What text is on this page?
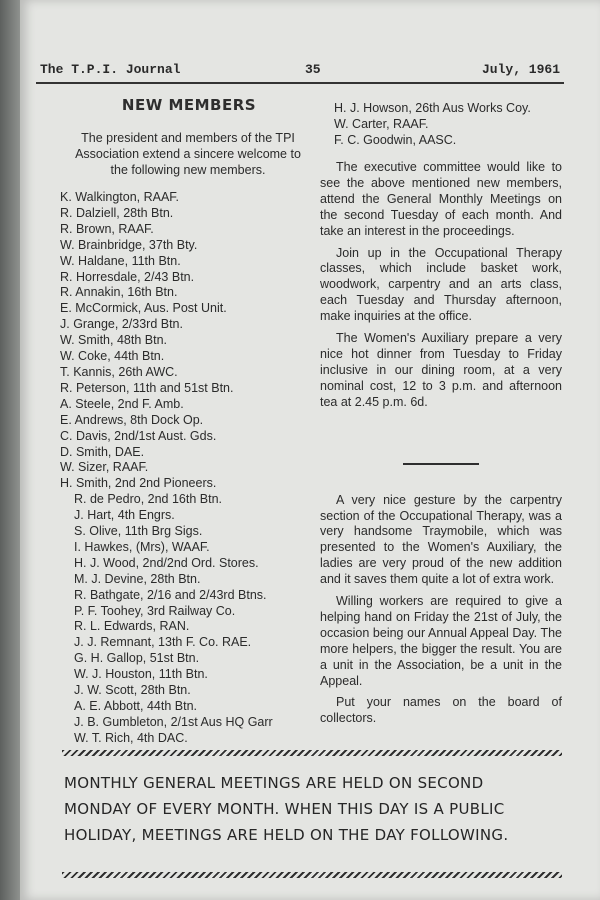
The T.P.I. Journal	35	July, 1961
NEW MEMBERS

The president and members of the TPI Association extend a sincere welcome to the following new members.

K. Walkington, RAAF.
R. Dalziell, 28th Btn.
R. Brown, RAAF.
W. Brainbridge, 37th Bty.
W. Haldane, 11th Btn.
R. Horresdale, 2/43 Btn.
R. Annakin, 16th Btn.
E. McCormick, Aus. Post Unit.
J. Grange, 2/33rd Btn.
W. Smith, 48th Btn.
W. Coke, 44th Btn.
T. Kannis, 26th AWC.
R. Peterson, 11th and 51st Btn.
A. Steele, 2nd F. Amb.
E. Andrews, 8th Dock Op.
C. Davis, 2nd/1st Aust. Gds.
D. Smith, DAE.
W. Sizer, RAAF.
H. Smith, 2nd 2nd Pioneers.
R. de Pedro, 2nd 16th Btn.
J. Hart, 4th Engrs.
S. Olive, 11th Brg Sigs.
I. Hawkes, (Mrs), WAAF.
H. J. Wood, 2nd/2nd Ord. Stores.
M. J. Devine, 28th Btn.
R. Bathgate, 2/16 and 2/43rd Btns.
P. F. Toohey, 3rd Railway Co.
R. L. Edwards, RAN.
J. J. Remnant, 13th F. Co. RAE.
G. H. Gallop, 51st Btn.
W. J. Houston, 11th Btn.
J. W. Scott, 28th Btn.
A. E. Abbott, 44th Btn.
J. B. Gumbleton, 2/1st Aus HQ Garr
W. T. Rich, 4th DAC.
H. J. Howson, 26th Aus Works Coy.
W. Carter, RAAF.
F. C. Goodwin, AASC.

The executive committee would like to see the above mentioned new members, attend the General Monthly Meetings on the second Tuesday of each month. And take an interest in the proceedings.

Join up in the Occupational Therapy classes, which include basket work, woodwork, carpentry and an arts class, each Tuesday and Thursday afternoon, make inquiries at the office.

The Women's Auxiliary prepare a very nice hot dinner from Tuesday to Friday inclusive in our dining room, at a very nominal cost, 12 to 3 p.m. and afternoon tea at 2.45 p.m. 6d.

A very nice gesture by the carpentry section of the Occupational Therapy, was a very handsome Traymobile, which was presented to the Women's Auxiliary, the ladies are very proud of the new addition and it saves them quite a lot of extra work.

Willing workers are required to give a helping hand on Friday the 21st of July, the occasion being our Annual Appeal Day. The more helpers, the bigger the result. You are a unit in the Association, be a unit in the Appeal.

Put your names on the board of collectors.

MONTHLY GENERAL MEETINGS ARE HELD ON SECOND
MONDAY OF EVERY MONTH. WHEN THIS DAY IS A PUBLIC
HOLIDAY, MEETINGS ARE HELD ON THE DAY FOLLOWING.
